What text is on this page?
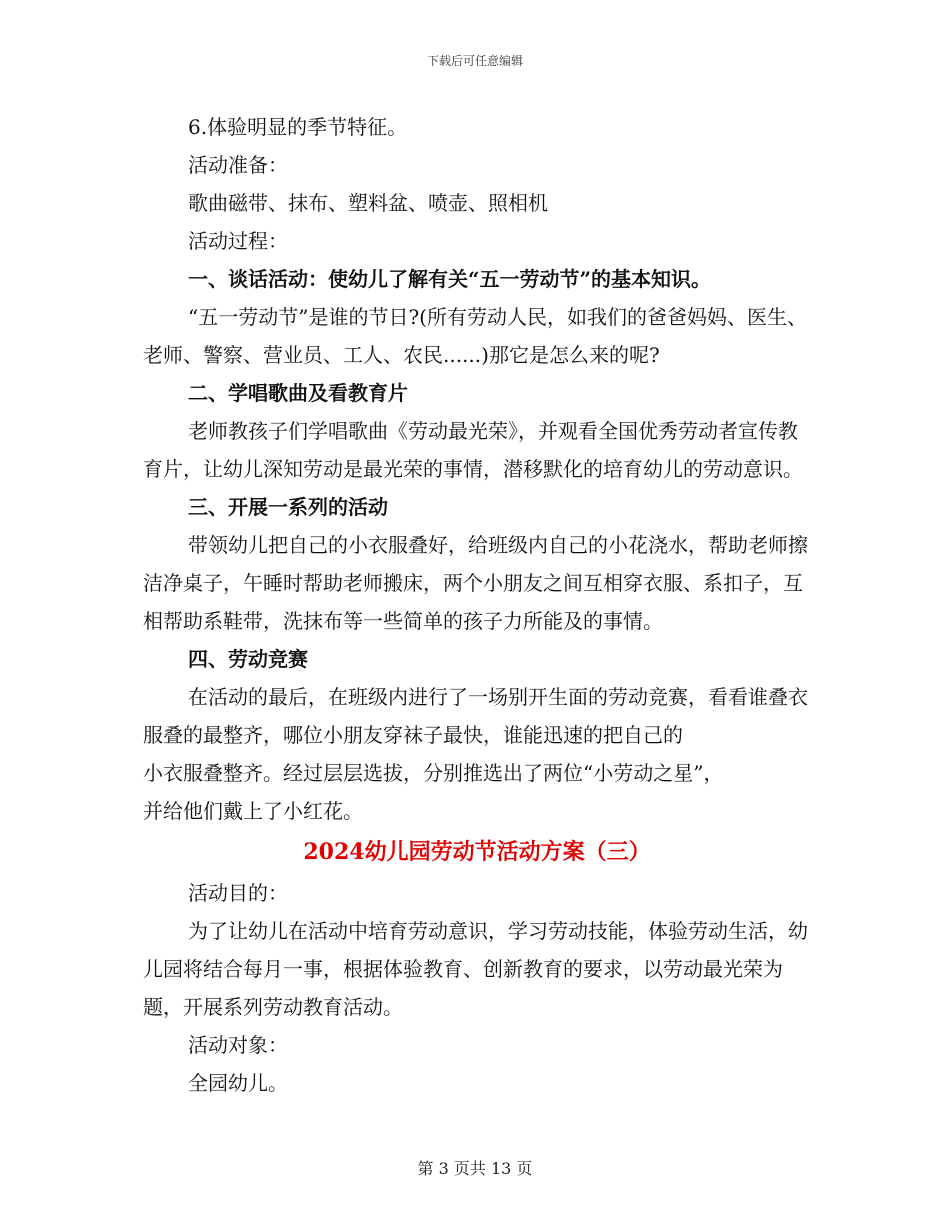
下载后可任意编辑

6.体验明显的季节特征。

活动准备：

歌曲磁带、抹布、塑料盆、喷壶、照相机

活动过程：

一、谈话活动：使幼儿了解有关“五一劳动节”的基本知识。

“五一劳动节”是谁的节日?(所有劳动人民，如我们的爸爸妈妈、医生、老师、警察、营业员、工人、农民......)那它是怎么来的呢?

二、学唱歌曲及看教育片

老师教孩子们学唱歌曲《劳动最光荣》，并观看全国优秀劳动者宣传教育片，让幼儿深知劳动是最光荣的事情，潜移默化的培育幼儿的劳动意识。

三、开展一系列的活动

带领幼儿把自己的小衣服叠好，给班级内自己的小花浇水，帮助老师擦洁净桌子，午睡时帮助老师搬床，两个小朋友之间互相穿衣服、系扣子，互相帮助系鞋带，洗抹布等一些简单的孩子力所能及的事情。

四、劳动竞赛

在活动的最后，在班级内进行了一场别开生面的劳动竞赛，看看谁叠衣服叠的最整齐，哪位小朋友穿袜子最快，谁能迅速的把自己的

小衣服叠整齐。经过层层选拔，分别推选出了两位“小劳动之星”，

并给他们戴上了小红花。

2024幼儿园劳动节活动方案（三）

活动目的：

为了让幼儿在活动中培育劳动意识，学习劳动技能，体验劳动生活，幼儿园将结合每月一事，根据体验教育、创新教育的要求，以劳动最光荣为题，开展系列劳动教育活动。

活动对象：

全园幼儿。

第 3 页共 13 页
